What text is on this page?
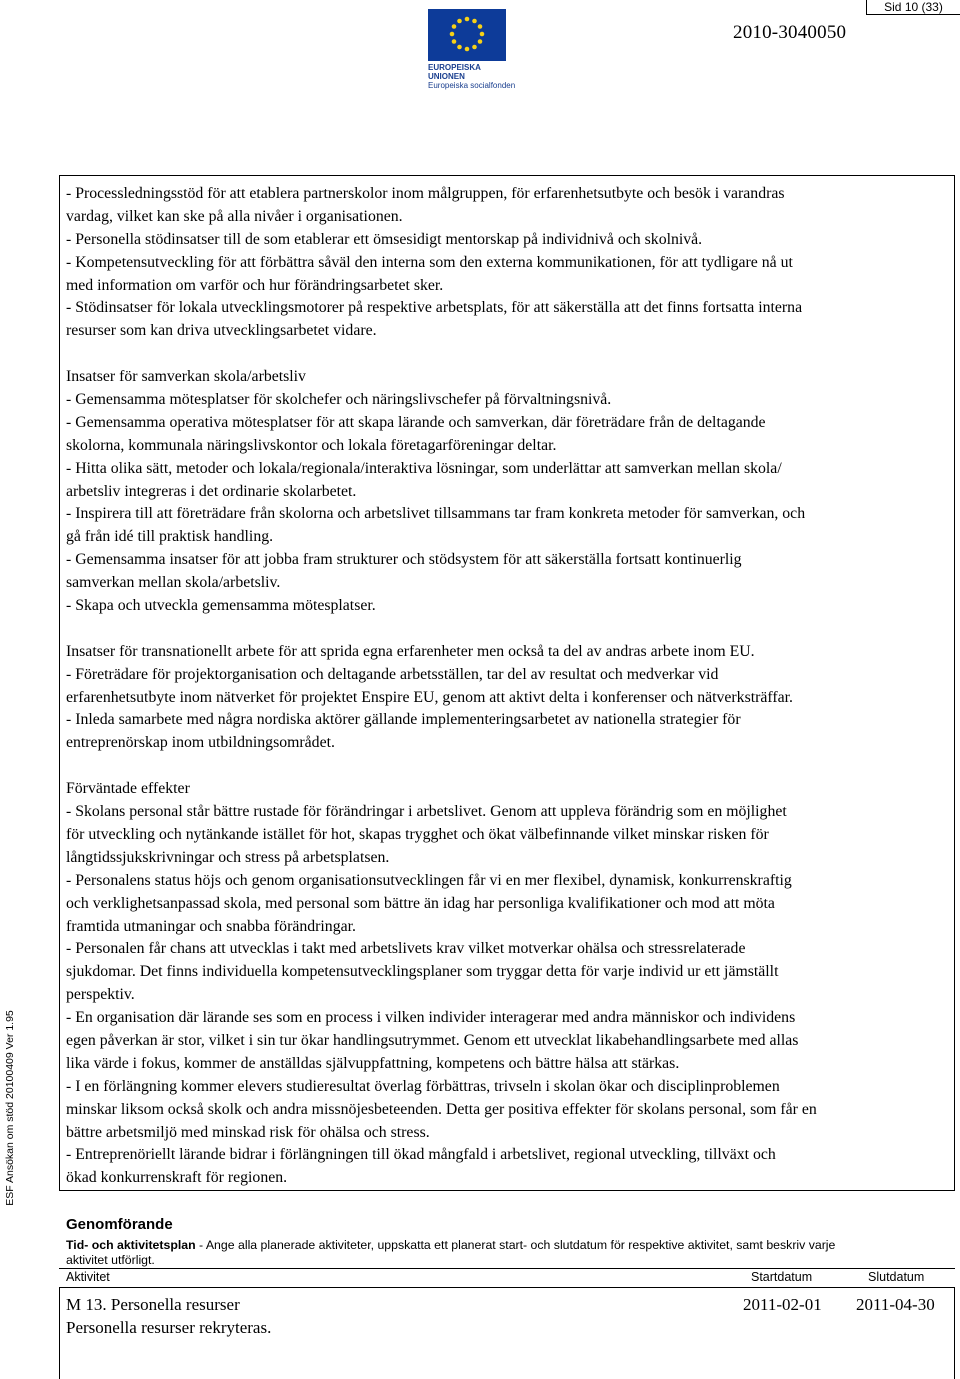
Sid 10 (33)
EUROPEISKA UNIONEN
Europeiska socialfonden
2010-3040050
ESF Ansökan om stöd 20100409 Ver 1.95
- Processledningsstöd för att etablera partnerskolor inom målgruppen, för erfarenhetsutbyte och besök i varandras
vardag, vilket kan ske på alla nivåer i organisationen.
- Personella stödinsatser till de som etablerar ett ömsesidigt mentorskap på individnivå och skolnivå.
- Kompetensutveckling för att förbättra såväl den interna som den externa kommunikationen, för att tydligare nå ut
med information om varför och hur förändringsarbetet sker.
- Stödinsatser för lokala utvecklingsmotorer på respektive arbetsplats, för att säkerställa att det finns fortsatta interna
resurser som kan driva utvecklingsarbetet vidare.
Insatser för samverkan skola/arbetsliv
- Gemensamma mötesplatser för skolchefer och näringslivschefer på förvaltningsnivå.
- Gemensamma operativa mötesplatser för att skapa lärande och samverkan, där företrädare från de deltagande
skolorna, kommunala näringslivskontor och lokala företagarföreningar deltar.
- Hitta olika sätt, metoder och lokala/regionala/interaktiva lösningar, som underlättar att samverkan mellan skola/
arbetsliv integreras i det ordinarie skolarbetet.
- Inspirera till att företrädare från skolorna och arbetslivet tillsammans tar fram konkreta metoder för samverkan, och
gå från idé till praktisk handling.
- Gemensamma insatser för att jobba fram strukturer och stödsystem för att säkerställa fortsatt kontinuerlig
samverkan mellan skola/arbetsliv.
- Skapa och utveckla gemensamma mötesplatser.
Insatser för transnationellt arbete för att sprida egna erfarenheter men också ta del av andras arbete inom EU.
- Företrädare för projektorganisation och deltagande arbetsställen, tar del av resultat och medverkar vid
erfarenhetsutbyte inom nätverket för projektet Enspire EU, genom att aktivt delta i konferenser och nätverksträffar.
- Inleda samarbete med några nordiska aktörer gällande implementeringsarbetet av nationella strategier för
entreprenörskap inom utbildningsområdet.
Förväntade effekter
- Skolans personal står bättre rustade för förändringar i arbetslivet. Genom att uppleva förändrig som en möjlighet
för utveckling och nytänkande istället för hot, skapas trygghet och ökat välbefinnande vilket minskar risken för
långtidssjukskrivningar och stress på arbetsplatsen.
- Personalens status höjs och genom organisationsutvecklingen får vi en mer flexibel, dynamisk, konkurrenskraftig
och verklighetsanpassad skola, med personal som bättre än idag har personliga kvalifikationer och mod att möta
framtida utmaningar och snabba förändringar.
- Personalen får chans att utvecklas i takt med arbetslivets krav vilket motverkar ohälsa och stressrelaterade
sjukdomar. Det finns individuella kompetensutvecklingsplaner som tryggar detta för varje individ ur ett jämställt
perspektiv.
- En organisation där lärande ses som en process i vilken individer interagerar med andra människor och individens
egen påverkan är stor, vilket i sin tur ökar handlingsutrymmet. Genom ett utvecklat likabehandlingsarbete med allas
lika värde i fokus, kommer de anställdas självuppfattning, kompetens och bättre hälsa att stärkas.
- I en förlängning kommer elevers studieresultat överlag förbättras, trivseln i skolan ökar och disciplinproblemen
minskar liksom också skolk och andra missnöjesbeteenden. Detta ger positiva effekter för skolans personal, som får en
bättre arbetsmiljö med minskad risk för ohälsa och stress.
- Entreprenöriellt lärande bidrar i förlängningen till ökad mångfald i arbetslivet, regional utveckling, tillväxt och
ökad konkurrenskraft för regionen.
Genomförande
Tid- och aktivitetsplan - Ange alla planerade aktiviteter, uppskatta ett planerat start- och slutdatum för respektive aktivitet, samt beskriv varje
aktivitet utförligt.
Aktivitet	Startdatum	Slutdatum
M 13. Personella resurser
Personella resurser rekryteras.
2011-02-01 2011-04-30
